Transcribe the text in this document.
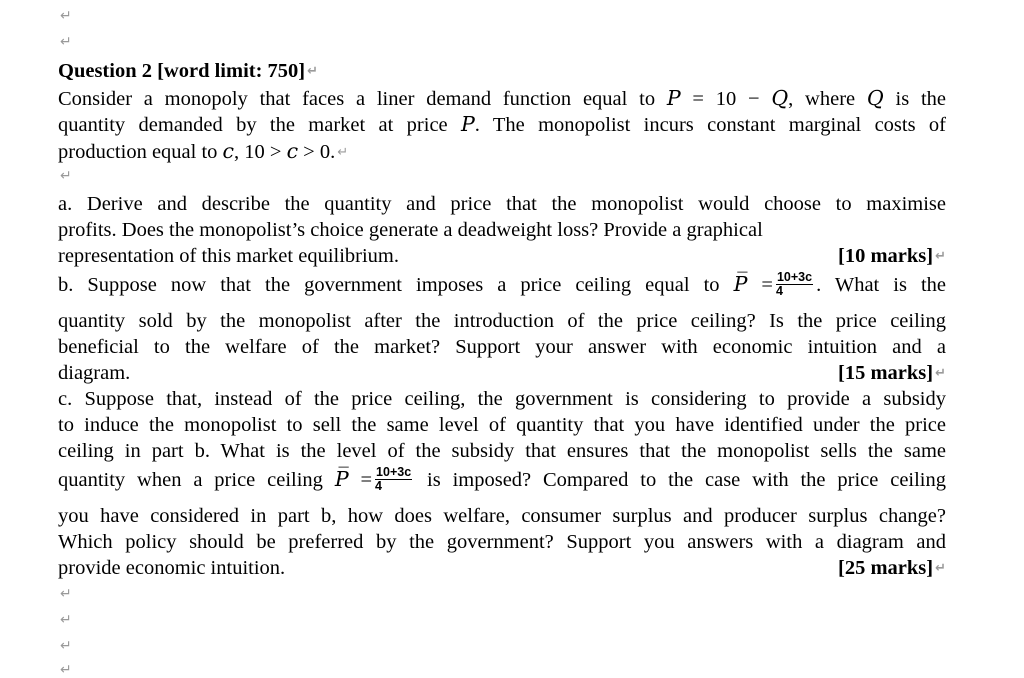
↵
↵
Question 2 [word limit: 750] ↵
Consider a monopoly that faces a liner demand function equal to 𝑃 = 10 − 𝑄, where 𝑄 is the
quantity demanded by the market at price 𝑃. The monopolist incurs constant marginal costs of
production equal to 𝑐, 10 > 𝑐 > 0. ↵
↵
a. Derive and describe the quantity and price that the monopolist would choose to maximise
profits. Does the monopolist’s choice generate a deadweight loss? Provide a graphical
representation of this market equilibrium.	[10 marks] ↵
b. Suppose now that the government imposes a price ceiling equal to 𝑃̅ = $\frac{10+3c}{4}$ . What is the
quantity sold by the monopolist after the introduction of the price ceiling? Is the price ceiling
beneficial to the welfare of the market? Support your answer with economic intuition and a
diagram.	[15 marks] ↵
c. Suppose that, instead of the price ceiling, the government is considering to provide a subsidy
to induce the monopolist to sell the same level of quantity that you have identified under the price
ceiling in part b. What is the level of the subsidy that ensures that the monopolist sells the same
quantity when a price ceiling 𝑃̅ = $\frac{10+3c}{4}$ is imposed? Compared to the case with the price ceiling
you have considered in part b, how does welfare, consumer surplus and producer surplus change?
Which policy should be preferred by the government? Support you answers with a diagram and
provide economic intuition.	[25 marks] ↵
↵
↵
↵
↵
